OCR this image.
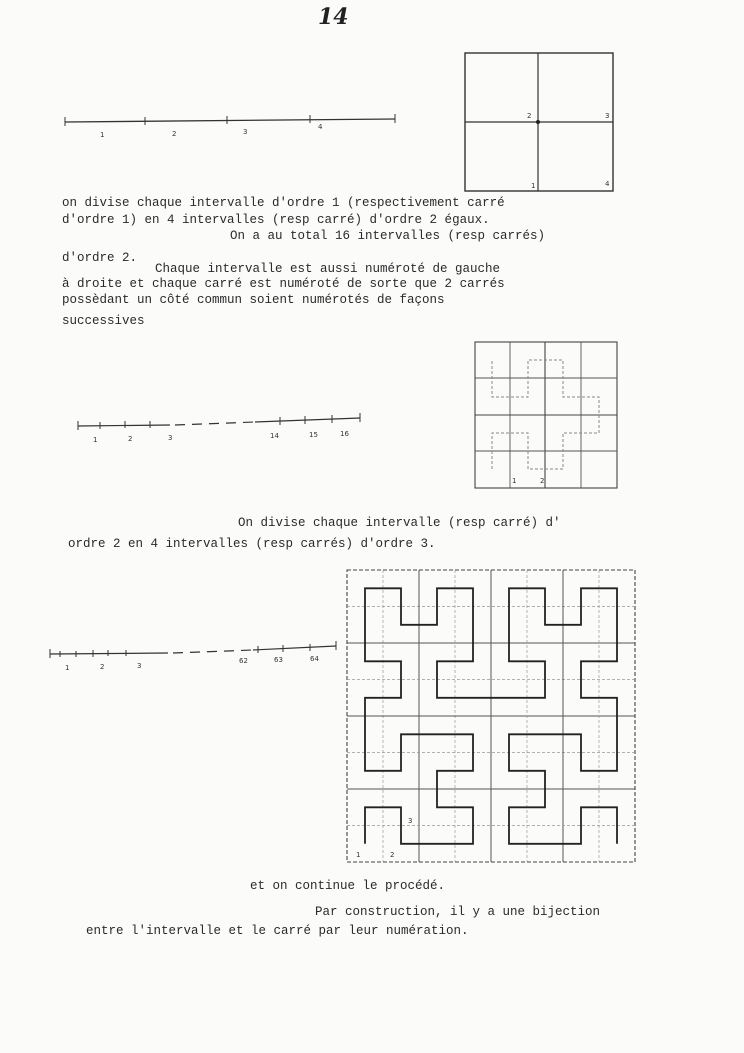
14
1	2	3
4
1
2	3
4
on divise chaque intervalle d'ordre 1 (respectivement carré
d'ordre 1) en 4 intervalles (resp carré) d'ordre 2 égaux.
On a au total 16 intervalles (resp carrés)
d'ordre 2.
Chaque intervalle est aussi numéroté de gauche
à droite et chaque carré est numéroté de sorte que 2 carrés
possèdant un côté commun soient numérotés de façons
successives
1	2	3	14	15	16
1	2
On divise chaque intervalle (resp carré) d'
ordre 2 en 4 intervalles (resp carrés) d'ordre 3.
1	2	3
62	63	64
1	2
3
et on continue le procédé.
Par construction, il y a une bijection
entre l'intervalle et le carré par leur numération.
